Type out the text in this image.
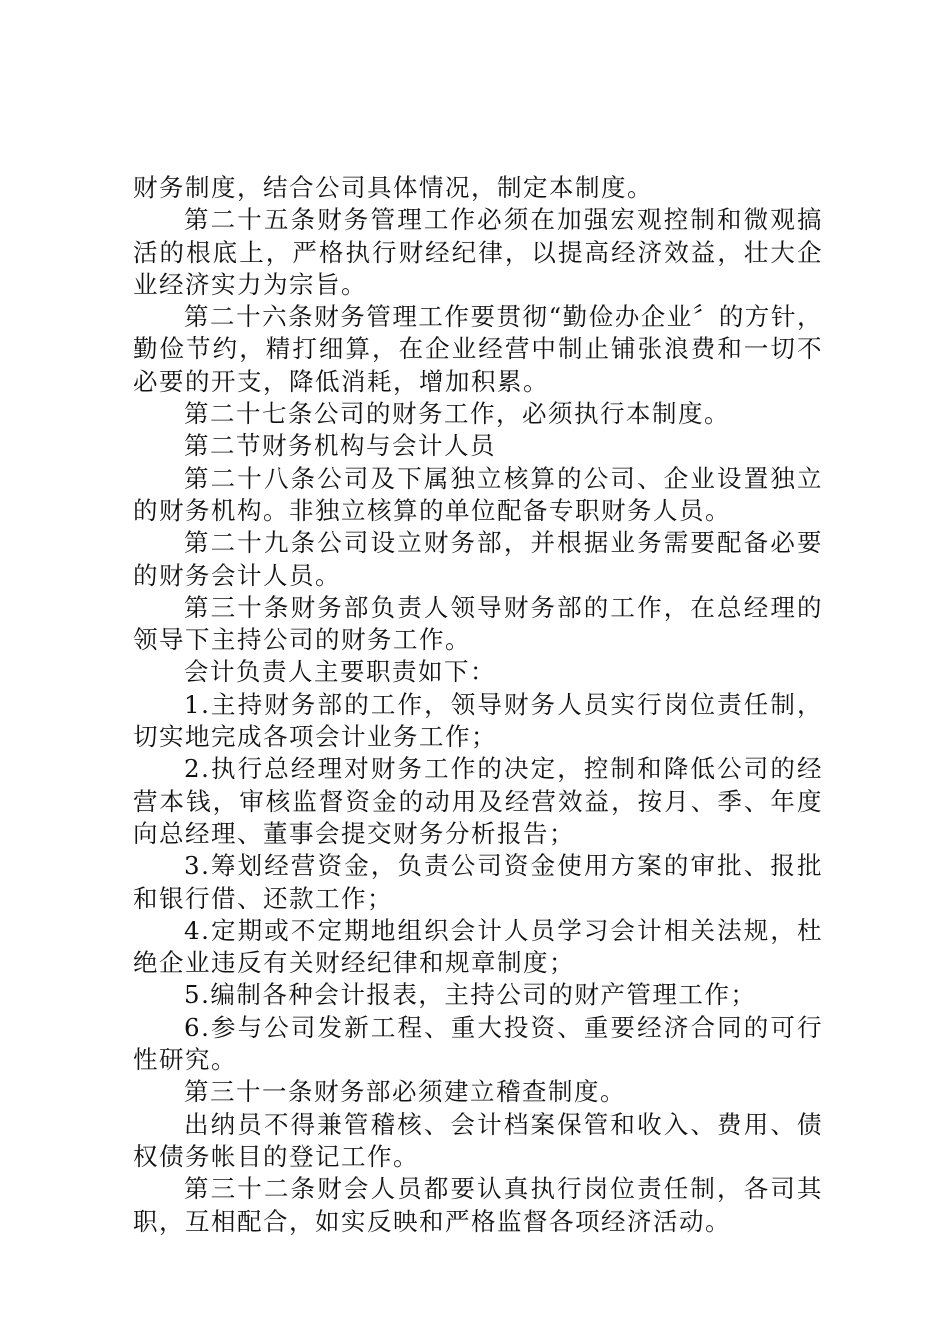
财务制度，结合公司具体情况，制定本制度。

第二十五条财务管理工作必须在加强宏观控制和微观搞活的根底上，严格执行财经纪律，以提高经济效益，壮大企业经济实力为宗旨。

第二十六条财务管理工作要贯彻“勤俭办企业〞的方针，勤俭节约，精打细算，在企业经营中制止铺张浪费和一切不必要的开支，降低消耗，增加积累。

第二十七条公司的财务工作，必须执行本制度。

第二节财务机构与会计人员

第二十八条公司及下属独立核算的公司、企业设置独立的财务机构。非独立核算的单位配备专职财务人员。

第二十九条公司设立财务部，并根据业务需要配备必要的财务会计人员。

第三十条财务部负责人领导财务部的工作，在总经理的领导下主持公司的财务工作。

会计负责人主要职责如下：

1.主持财务部的工作，领导财务人员实行岗位责任制，切实地完成各项会计业务工作；

2.执行总经理对财务工作的决定，控制和降低公司的经营本钱，审核监督资金的动用及经营效益，按月、季、年度向总经理、董事会提交财务分析报告；

3.筹划经营资金，负责公司资金使用方案的审批、报批和银行借、还款工作；

4.定期或不定期地组织会计人员学习会计相关法规，杜绝企业违反有关财经纪律和规章制度；

5.编制各种会计报表，主持公司的财产管理工作；

6.参与公司发新工程、重大投资、重要经济合同的可行性研究。

第三十一条财务部必须建立稽查制度。

出纳员不得兼管稽核、会计档案保管和收入、费用、债权债务帐目的登记工作。

第三十二条财会人员都要认真执行岗位责任制，各司其职，互相配合，如实反映和严格监督各项经济活动。
